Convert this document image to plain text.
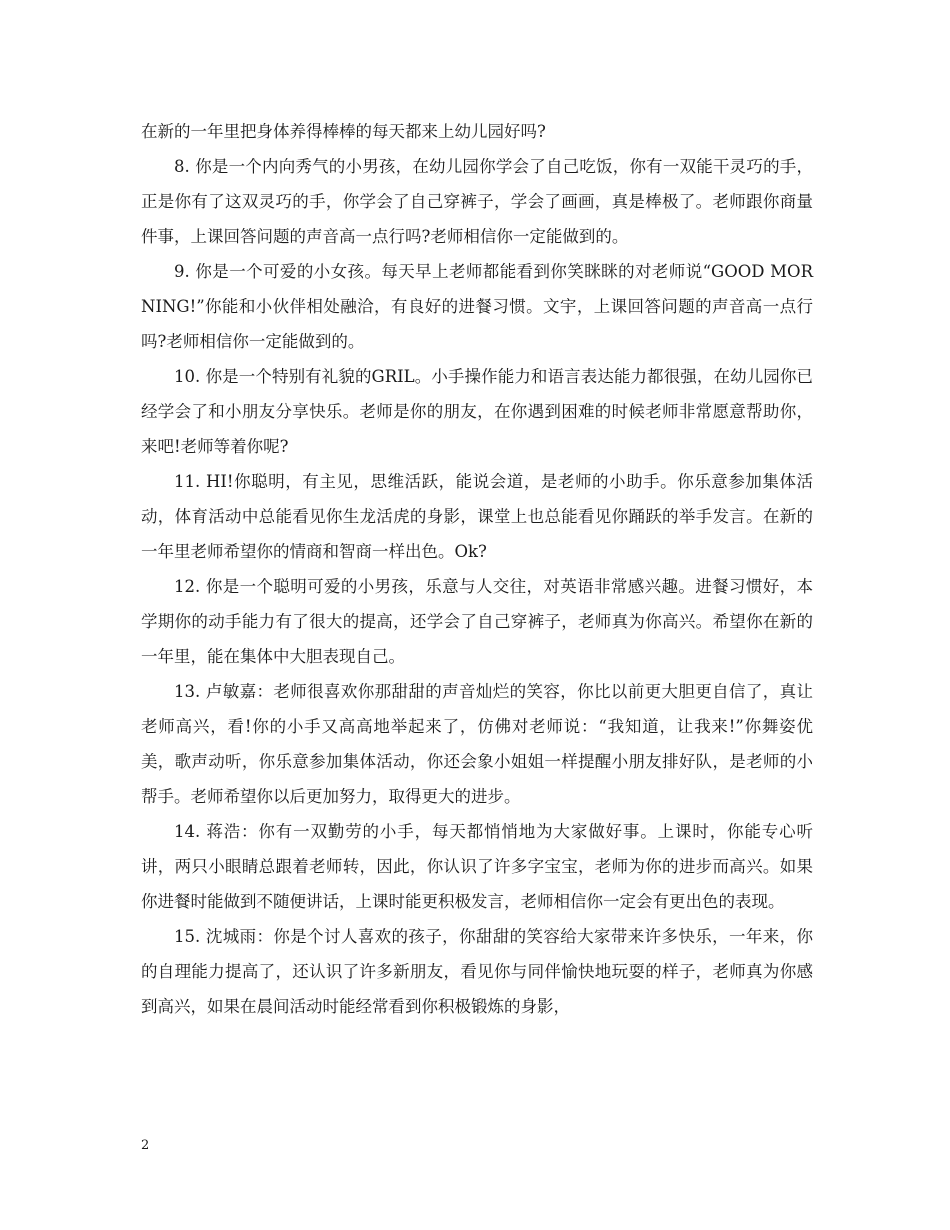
在新的一年里把身体养得棒棒的每天都来上幼儿园好吗?

8. 你是一个内向秀气的小男孩，在幼儿园你学会了自己吃饭，你有一双能干灵巧的手，正是你有了这双灵巧的手，你学会了自己穿裤子，学会了画画，真是棒极了。老师跟你商量件事，上课回答问题的声音高一点行吗?老师相信你一定能做到的。

9. 你是一个可爱的小女孩。每天早上老师都能看到你笑眯眯的对老师说“GOOD MORNING!”你能和小伙伴相处融洽，有良好的进餐习惯。文宇，上课回答问题的声音高一点行吗?老师相信你一定能做到的。

10. 你是一个特别有礼貌的GRIL。小手操作能力和语言表达能力都很强，在幼儿园你已经学会了和小朋友分享快乐。老师是你的朋友，在你遇到困难的时候老师非常愿意帮助你，来吧!老师等着你呢?

11. HI!你聪明，有主见，思维活跃，能说会道，是老师的小助手。你乐意参加集体活动，体育活动中总能看见你生龙活虎的身影，课堂上也总能看见你踊跃的举手发言。在新的一年里老师希望你的情商和智商一样出色。Ok?

12. 你是一个聪明可爱的小男孩，乐意与人交往，对英语非常感兴趣。进餐习惯好，本学期你的动手能力有了很大的提高，还学会了自己穿裤子，老师真为你高兴。希望你在新的一年里，能在集体中大胆表现自己。

13. 卢敏嘉：老师很喜欢你那甜甜的声音灿烂的笑容，你比以前更大胆更自信了，真让老师高兴，看!你的小手又高高地举起来了，仿佛对老师说：“我知道，让我来!”你舞姿优美，歌声动听，你乐意参加集体活动，你还会象小姐姐一样提醒小朋友排好队，是老师的小帮手。老师希望你以后更加努力，取得更大的进步。

14. 蒋浩：你有一双勤劳的小手，每天都悄悄地为大家做好事。上课时，你能专心听讲，两只小眼睛总跟着老师转，因此，你认识了许多字宝宝，老师为你的进步而高兴。如果你进餐时能做到不随便讲话，上课时能更积极发言，老师相信你一定会有更出色的表现。

15. 沈城雨：你是个讨人喜欢的孩子，你甜甜的笑容给大家带来许多快乐，一年来，你的自理能力提高了，还认识了许多新朋友，看见你与同伴愉快地玩耍的样子，老师真为你感到高兴，如果在晨间活动时能经常看到你积极锻炼的身影，

2
